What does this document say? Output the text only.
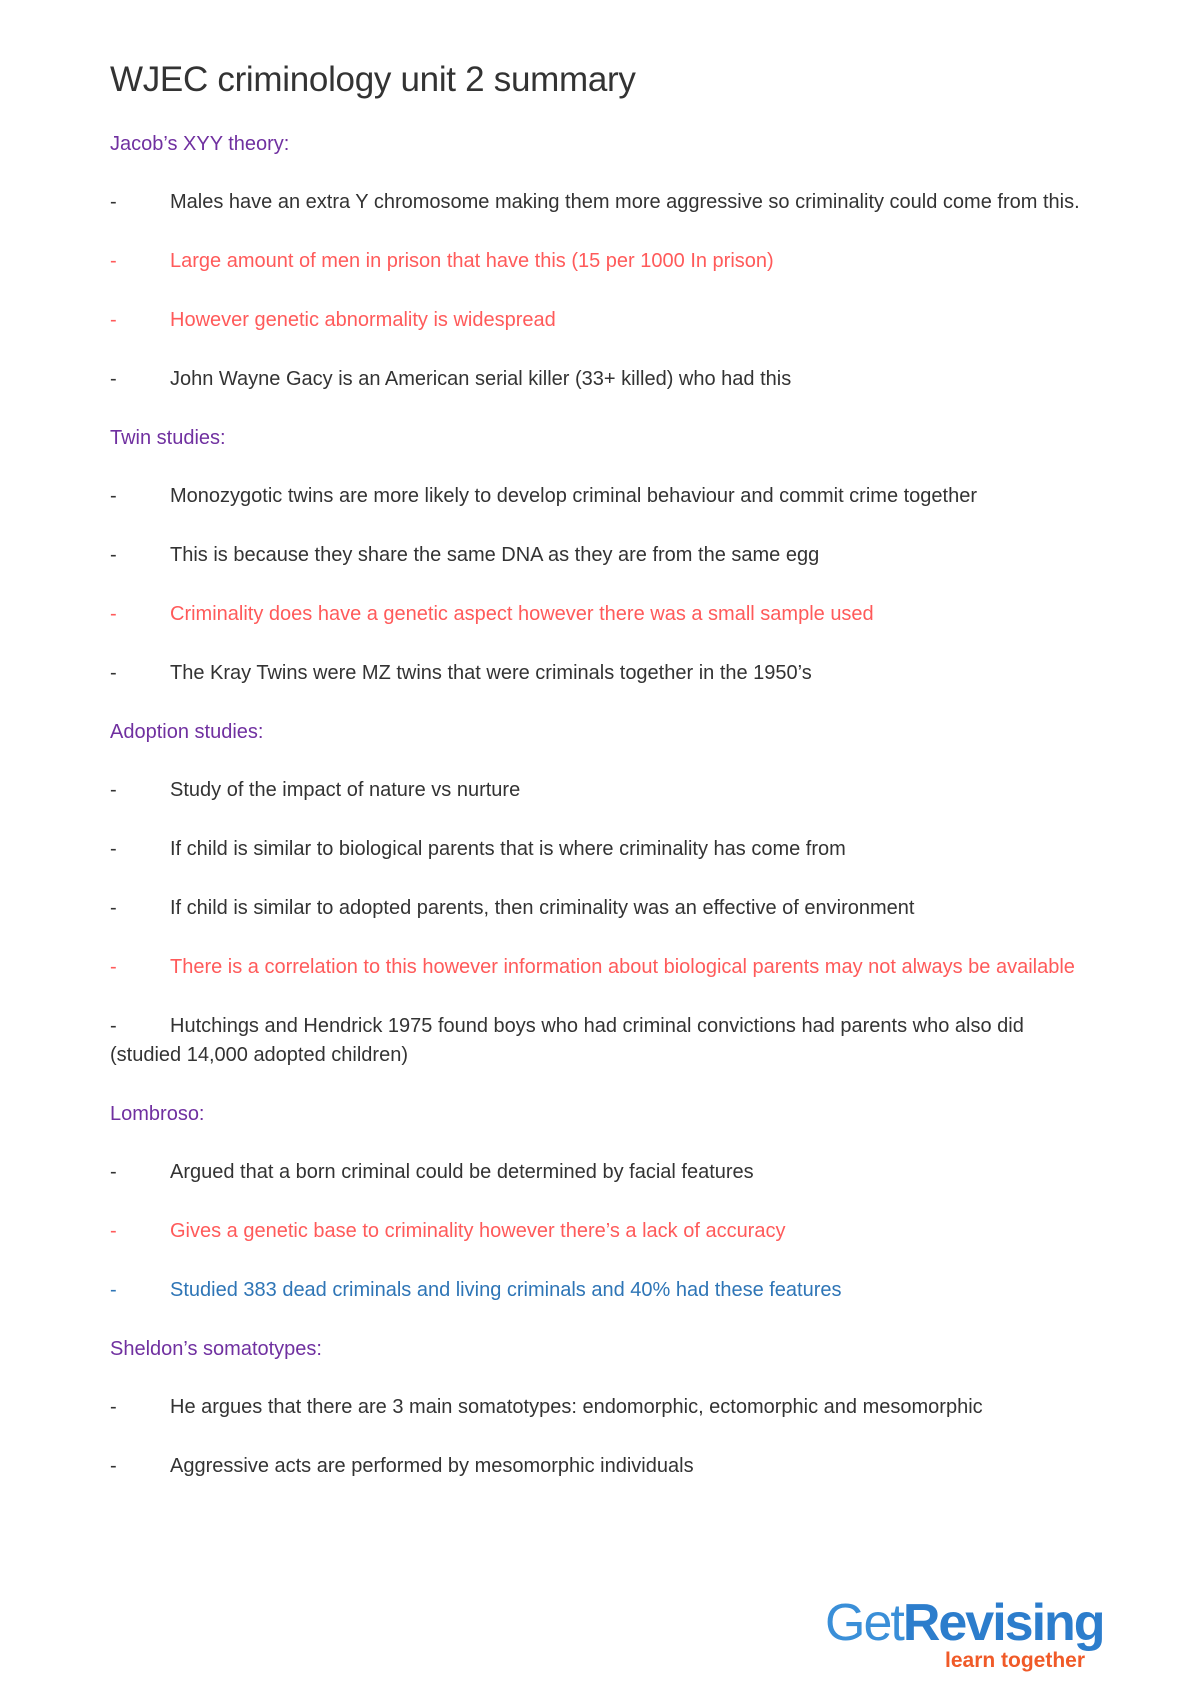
WJEC criminology unit 2 summary
Jacob’s XYY theory:
-	Males have an extra Y chromosome making them more aggressive so criminality could come from this.
-	Large amount of men in prison that have this (15 per 1000 In prison)
-	However genetic abnormality is widespread
-	John Wayne Gacy is an American serial killer (33+ killed) who had this
Twin studies:
-	Monozygotic twins are more likely to develop criminal behaviour and commit crime together
-	This is because they share the same DNA as they are from the same egg
-	Criminality does have a genetic aspect however there was a small sample used
-	The Kray Twins were MZ twins that were criminals together in the 1950’s
Adoption studies:
-	Study of the impact of nature vs nurture
-	If child is similar to biological parents that is where criminality has come from
-	If child is similar to adopted parents, then criminality was an effective of environment
-	There is a correlation to this however information about biological parents may not always be available
-	Hutchings and Hendrick 1975 found boys who had criminal convictions had parents who also did (studied 14,000 adopted children)
Lombroso:
-	Argued that a born criminal could be determined by facial features
-	Gives a genetic base to criminality however there’s a lack of accuracy
-	Studied 383 dead criminals and living criminals and 40% had these features
Sheldon’s somatotypes:
-	He argues that there are 3 main somatotypes: endomorphic, ectomorphic and mesomorphic
-	Aggressive acts are performed by mesomorphic individuals
GetRevising
learn together
